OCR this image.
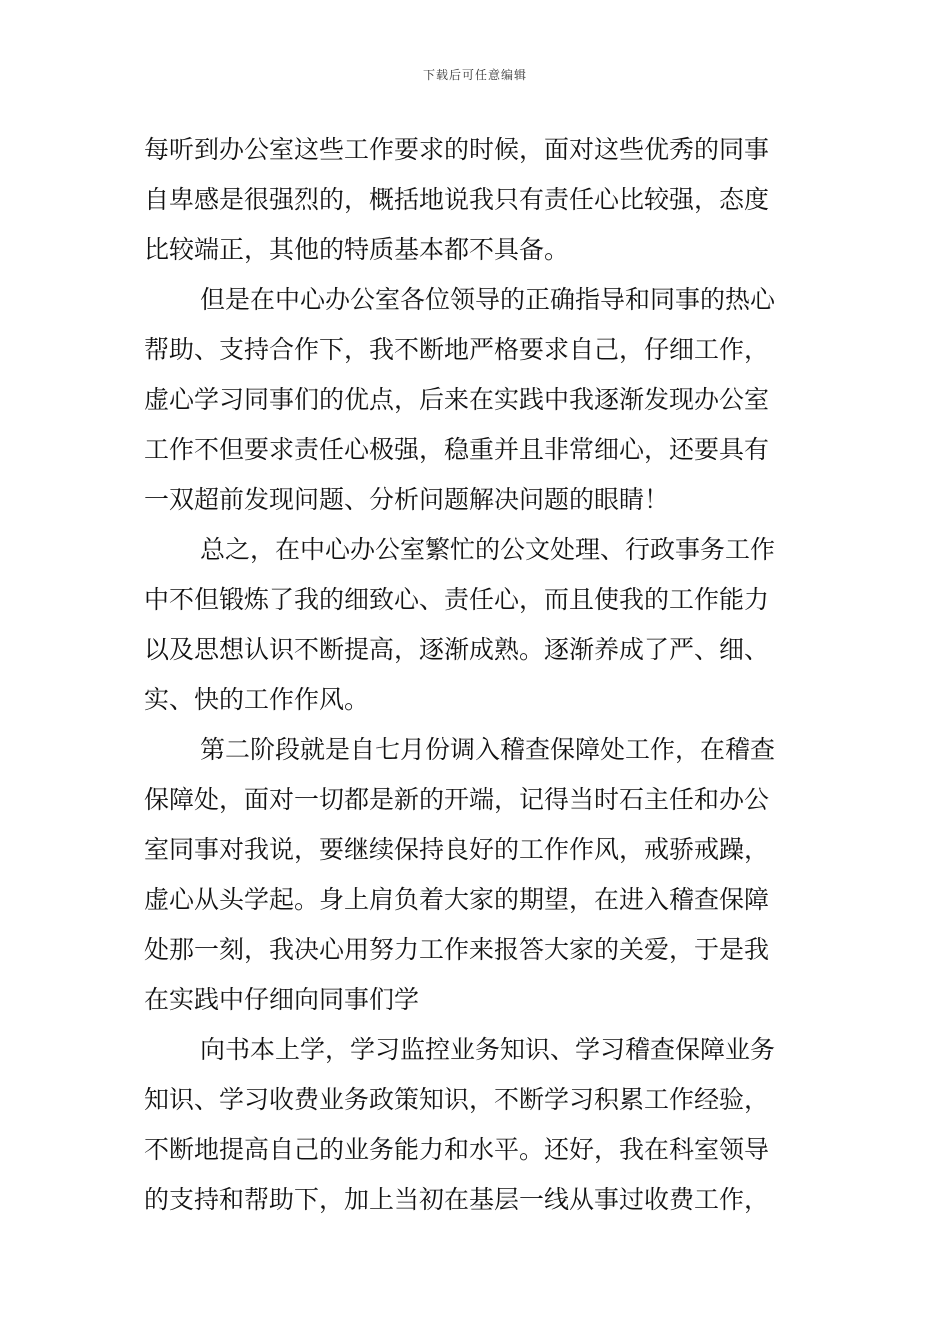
下载后可任意编辑
每听到办公室这些工作要求的时候，面对这些优秀的同事
自卑感是很强烈的，概括地说我只有责任心比较强，态度
比较端正，其他的特质基本都不具备。
但是在中心办公室各位领导的正确指导和同事的热心
帮助、支持合作下，我不断地严格要求自己，仔细工作，
虚心学习同事们的优点，后来在实践中我逐渐发现办公室
工作不但要求责任心极强，稳重并且非常细心，还要具有
一双超前发现问题、分析问题解决问题的眼睛！
总之，在中心办公室繁忙的公文处理、行政事务工作
中不但锻炼了我的细致心、责任心，而且使我的工作能力
以及思想认识不断提高，逐渐成熟。逐渐养成了严、细、
实、快的工作作风。
第二阶段就是自七月份调入稽查保障处工作，在稽查
保障处，面对一切都是新的开端，记得当时石主任和办公
室同事对我说，要继续保持良好的工作作风，戒骄戒躁，
虚心从头学起。身上肩负着大家的期望，在进入稽查保障
处那一刻，我决心用努力工作来报答大家的关爱，于是我
在实践中仔细向同事们学
向书本上学，学习监控业务知识、学习稽查保障业务
知识、学习收费业务政策知识，不断学习积累工作经验，
不断地提高自己的业务能力和水平。还好，我在科室领导
的支持和帮助下，加上当初在基层一线从事过收费工作，
